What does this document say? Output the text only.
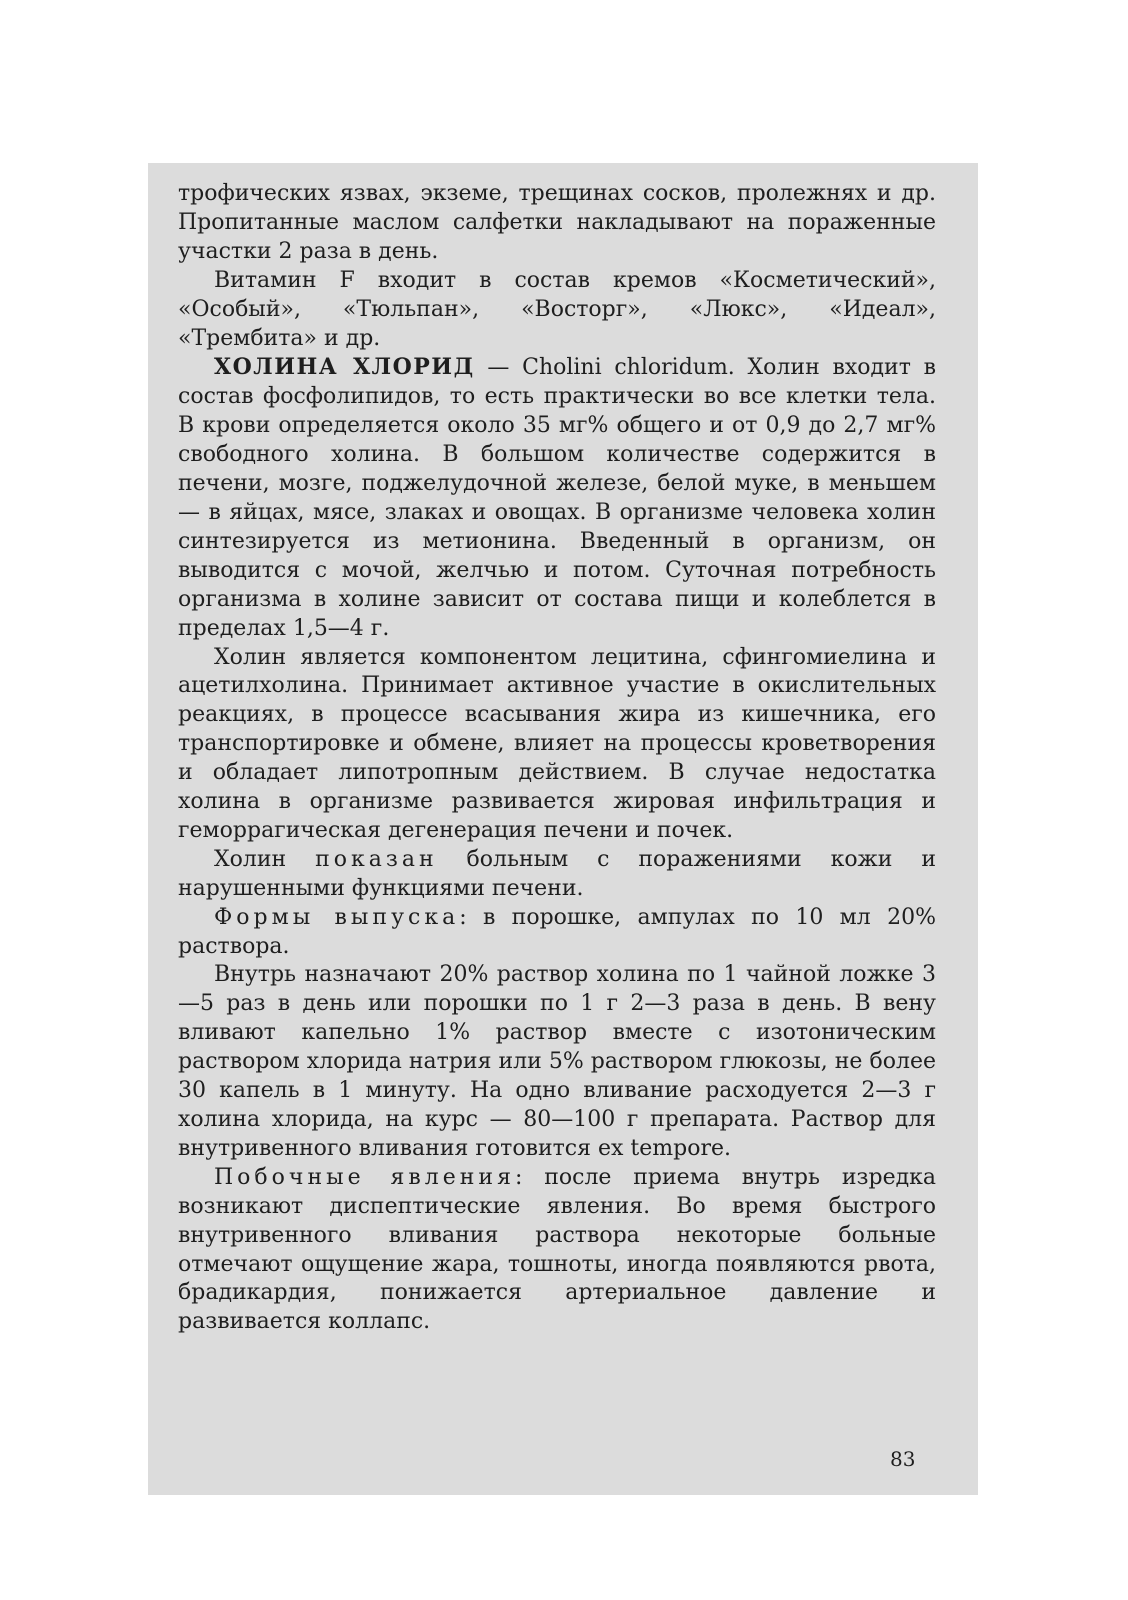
трофических язвах, экземе, трещинах сосков, пролежнях и др. Пропитанные маслом салфетки накладывают на пораженные участки 2 раза в день.

Витамин F входит в состав кремов «Косметический», «Особый», «Тюльпан», «Восторг», «Люкс», «Идеал», «Трембита» и др.

ХОЛИНА ХЛОРИД — Cholini chloridum. Холин входит в состав фосфолипидов, то есть практически во все клетки тела. В крови определяется около 35 мг% общего и от 0,9 до 2,7 мг% свободного холина. В большом количестве содержится в печени, мозге, поджелудочной железе, белой муке, в меньшем — в яйцах, мясе, злаках и овощах. В организме человека холин синтезируется из метионина. Введенный в организм, он выводится с мочой, желчью и потом. Суточная потребность организма в холине зависит от состава пищи и колеблется в пределах 1,5—4 г.

Холин является компонентом лецитина, сфингомиелина и ацетилхолина. Принимает активное участие в окислительных реакциях, в процессе всасывания жира из кишечника, его транспортировке и обмене, влияет на процессы кроветворения и обладает липотропным действием. В случае недостатка холина в организме развивается жировая инфильтрация и геморрагическая дегенерация печени и почек.

Холин показан больным с поражениями кожи и нарушенными функциями печени.

Формы выпуска: в порошке, ампулах по 10 мл 20% раствора.

Внутрь назначают 20% раствор холина по 1 чайной ложке 3—5 раз в день или порошки по 1 г 2—3 раза в день. В вену вливают капельно 1% раствор вместе с изотоническим раствором хлорида натрия или 5% раствором глюкозы, не более 30 капель в 1 минуту. На одно вливание расходуется 2—3 г холина хлорида, на курс — 80—100 г препарата. Раствор для внутривенного вливания готовится ex tempore.

Побочные явления: после приема внутрь изредка возникают диспептические явления. Во время быстрого внутривенного вливания раствора некоторые больные отмечают ощущение жара, тошноты, иногда появляются рвота, брадикардия, понижается артериальное давление и развивается коллапс.

83
